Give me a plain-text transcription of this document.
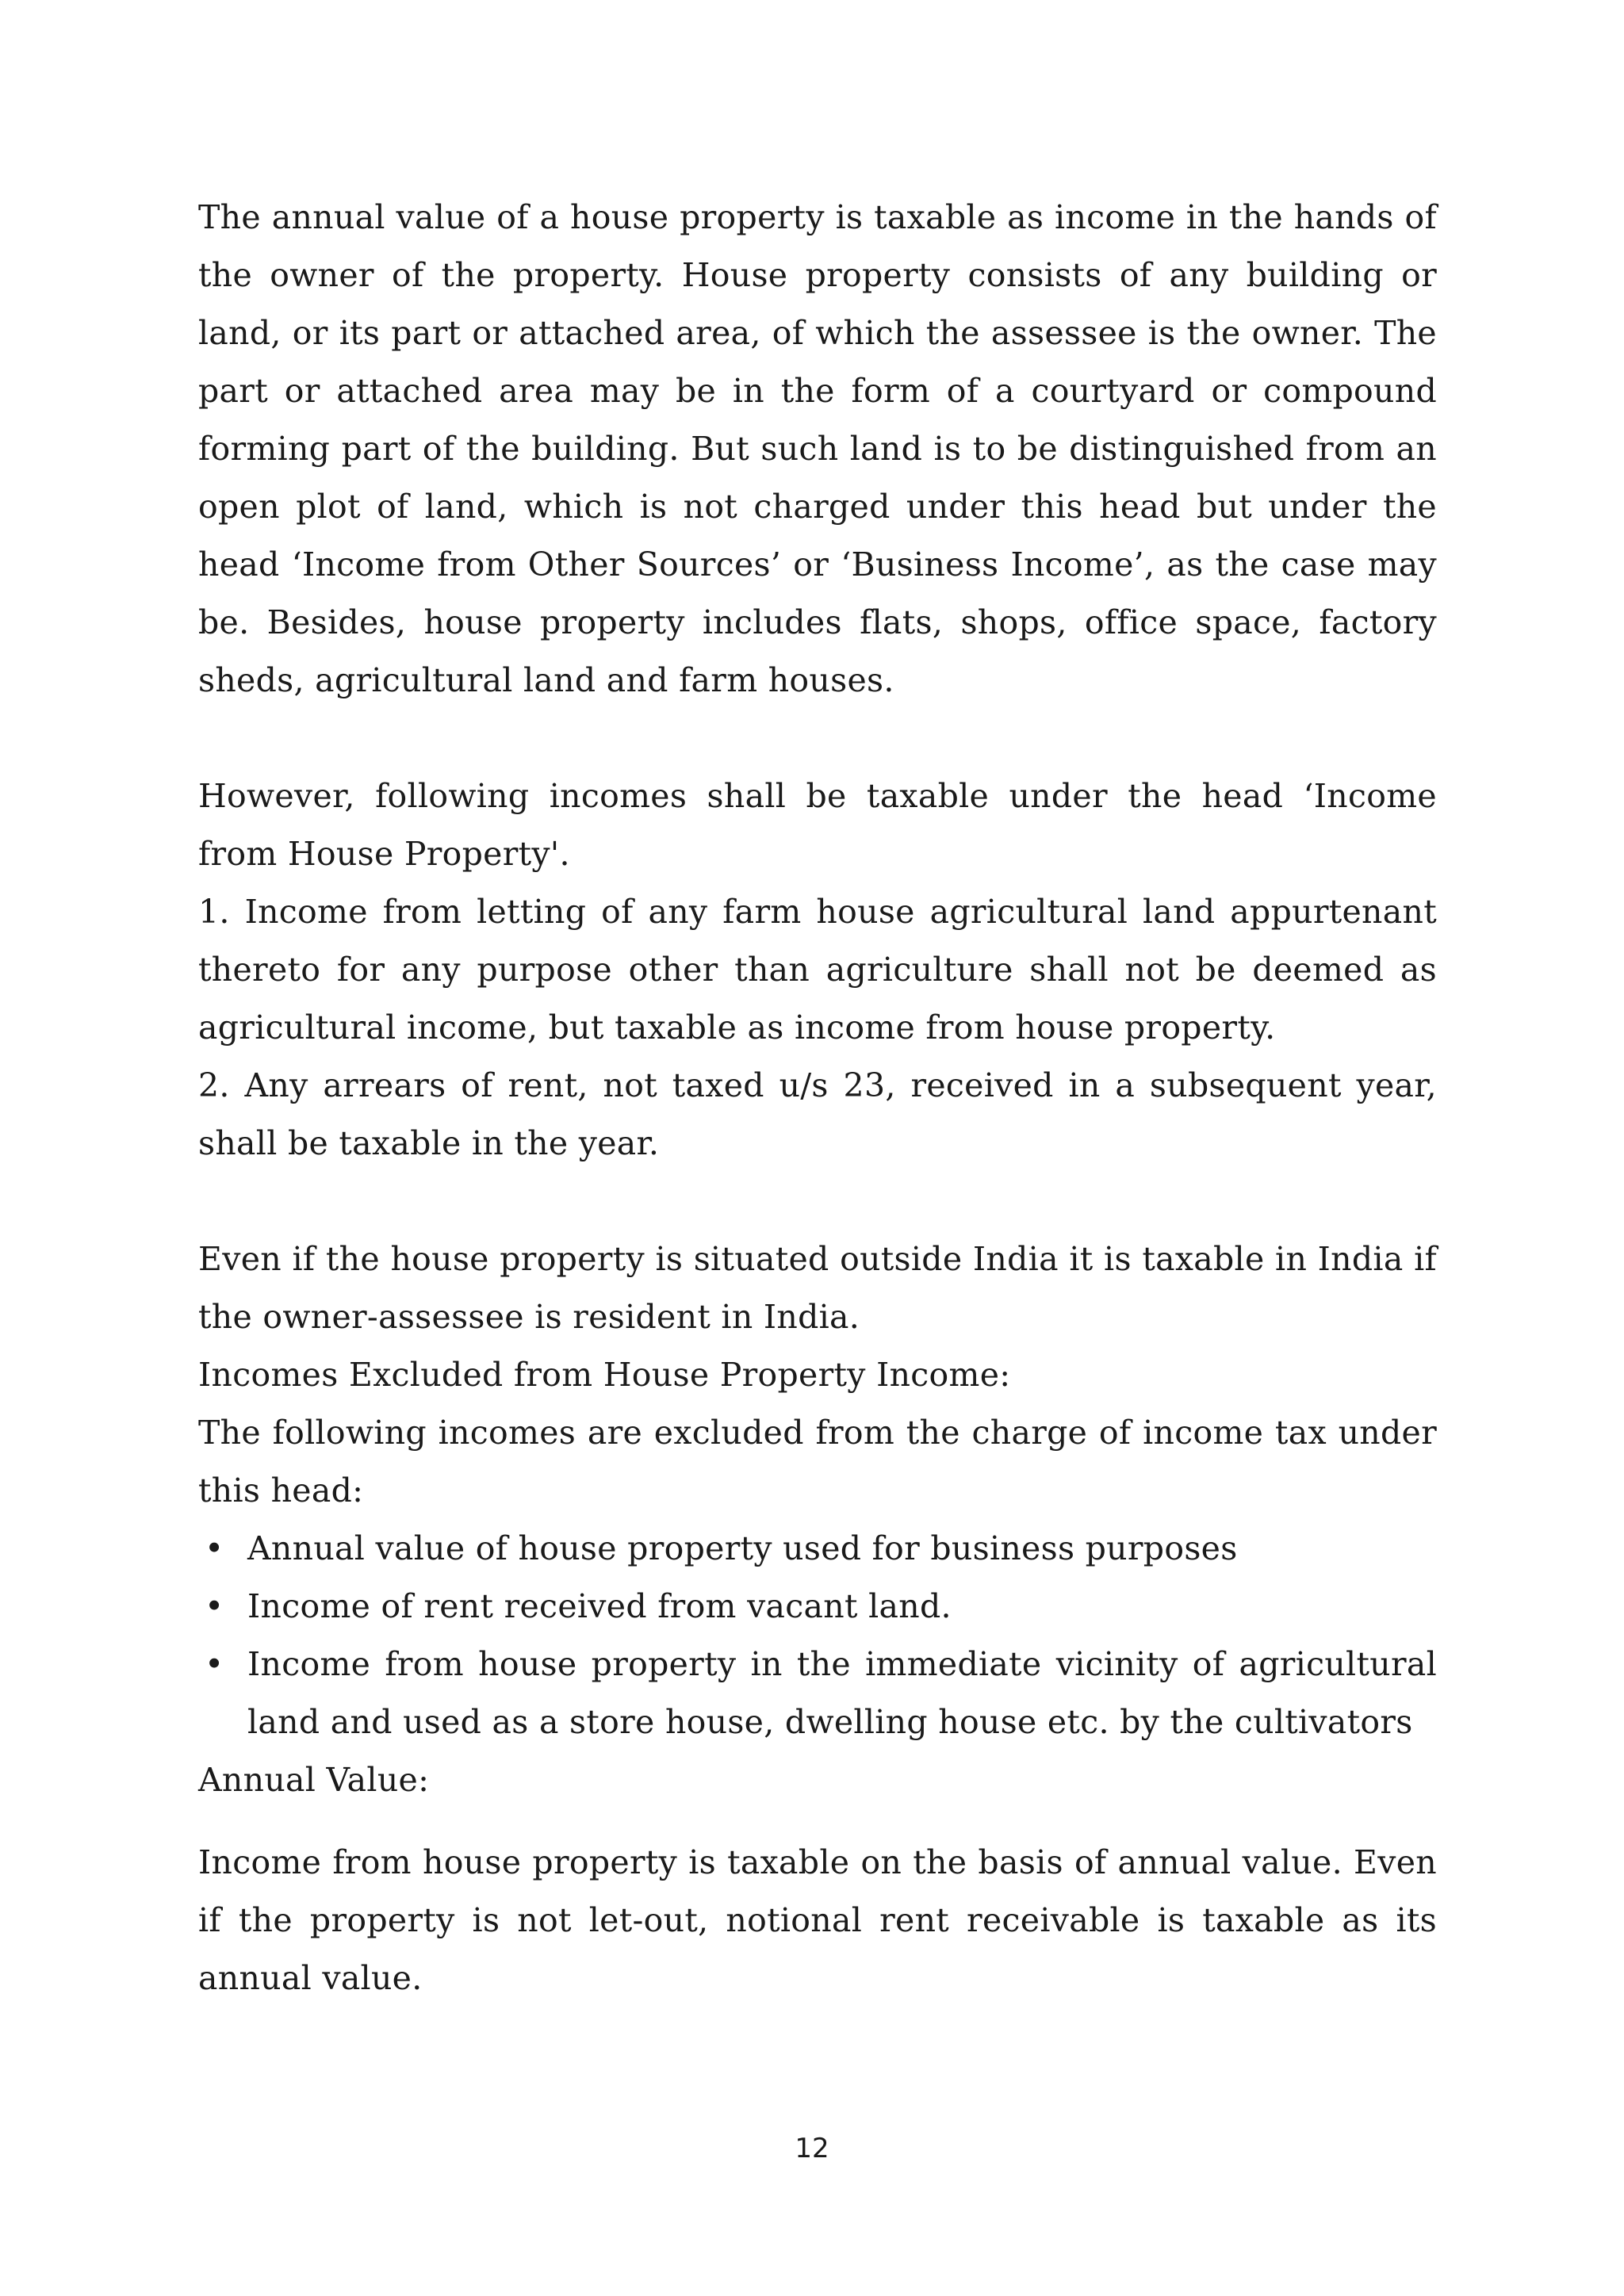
The annual value of a house property is taxable as income in the hands of the owner of the property. House property consists of any building or land, or its part or attached area, of which the assessee is the owner. The part or attached area may be in the form of a courtyard or compound forming part of the building. But such land is to be distinguished from an open plot of land, which is not charged under this head but under the head ‘Income from Other Sources’ or ‘Business Income’, as the case may be. Besides, house property includes flats, shops, office space, factory sheds, agricultural land and farm houses.

However, following incomes shall be taxable under the head ‘Income from House Property'.

1. Income from letting of any farm house agricultural land appurtenant thereto for any purpose other than agriculture shall not be deemed as agricultural income, but taxable as income from house property.

2. Any arrears of rent, not taxed u/s 23, received in a subsequent year, shall be taxable in the year.

Even if the house property is situated outside India it is taxable in India if the owner-assessee is resident in India.

Incomes Excluded from House Property Income:

The following incomes are excluded from the charge of income tax under this head:

• Annual value of house property used for business purposes
• Income of rent received from vacant land.
• Income from house property in the immediate vicinity of agricultural land and used as a store house, dwelling house etc. by the cultivators

Annual Value:

Income from house property is taxable on the basis of annual value. Even if the property is not let-out, notional rent receivable is taxable as its annual value.

12
